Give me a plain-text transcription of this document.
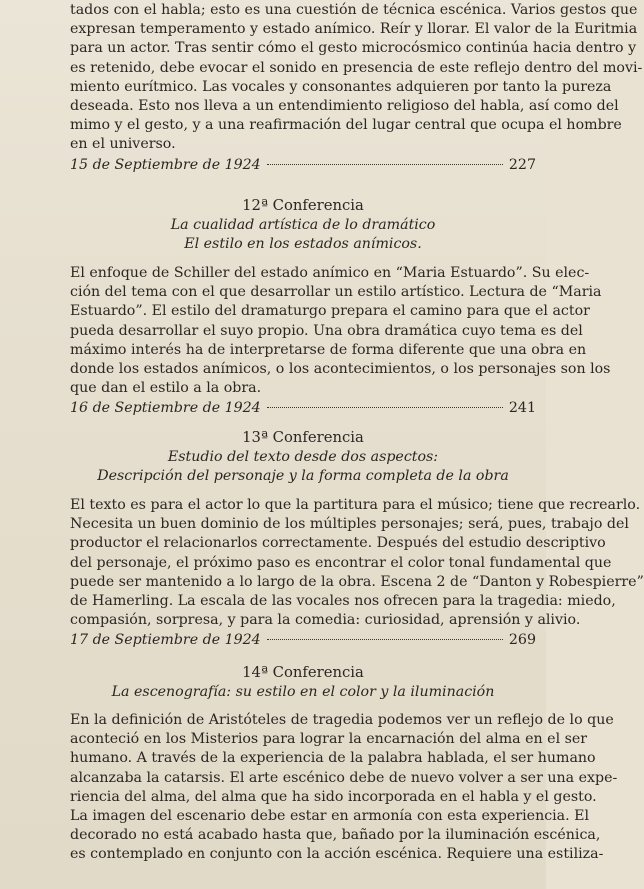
tados con el habla; esto es una cuestión de técnica escénica. Varios gestos que
expresan temperamento y estado anímico. Reír y llorar. El valor de la Euritmia
para un actor. Tras sentir cómo el gesto microcósmico continúa hacia dentro y
es retenido, debe evocar el sonido en presencia de este reflejo dentro del movi-
miento eurítmico. Las vocales y consonantes adquieren por tanto la pureza
deseada. Esto nos lleva a un entendimiento religioso del habla, así como del
mimo y el gesto, y a una reafirmación del lugar central que ocupa el hombre
en el universo.
15 de Septiembre de 1924	227
12ª Conferencia
La cualidad artística de lo dramático
El estilo en los estados anímicos.
El enfoque de Schiller del estado anímico en “Maria Estuardo”. Su elec-
ción del tema con el que desarrollar un estilo artístico. Lectura de “Maria
Estuardo”. El estilo del dramaturgo prepara el camino para que el actor
pueda desarrollar el suyo propio. Una obra dramática cuyo tema es del
máximo interés ha de interpretarse de forma diferente que una obra en
donde los estados anímicos, o los acontecimientos, o los personajes son los
que dan el estilo a la obra.
16 de Septiembre de 1924	241
13ª Conferencia
Estudio del texto desde dos aspectos:
Descripción del personaje y la forma completa de la obra
El texto es para el actor lo que la partitura para el músico; tiene que recrearlo.
Necesita un buen dominio de los múltiples personajes; será, pues, trabajo del
productor el relacionarlos correctamente. Después del estudio descriptivo
del personaje, el próximo paso es encontrar el color tonal fundamental que
puede ser mantenido a lo largo de la obra. Escena 2 de “Danton y Robespierre”
de Hamerling. La escala de las vocales nos ofrecen para la tragedia: miedo,
compasión, sorpresa, y para la comedia: curiosidad, aprensión y alivio.
17 de Septiembre de 1924	269
14ª Conferencia
La escenografía: su estilo en el color y la iluminación
En la definición de Aristóteles de tragedia podemos ver un reflejo de lo que
aconteció en los Misterios para lograr la encarnación del alma en el ser
humano. A través de la experiencia de la palabra hablada, el ser humano
alcanzaba la catarsis. El arte escénico debe de nuevo volver a ser una expe-
riencia del alma, del alma que ha sido incorporada en el habla y el gesto.
La imagen del escenario debe estar en armonía con esta experiencia. El
decorado no está acabado hasta que, bañado por la iluminación escénica,
es contemplado en conjunto con la acción escénica. Requiere una estiliza-
